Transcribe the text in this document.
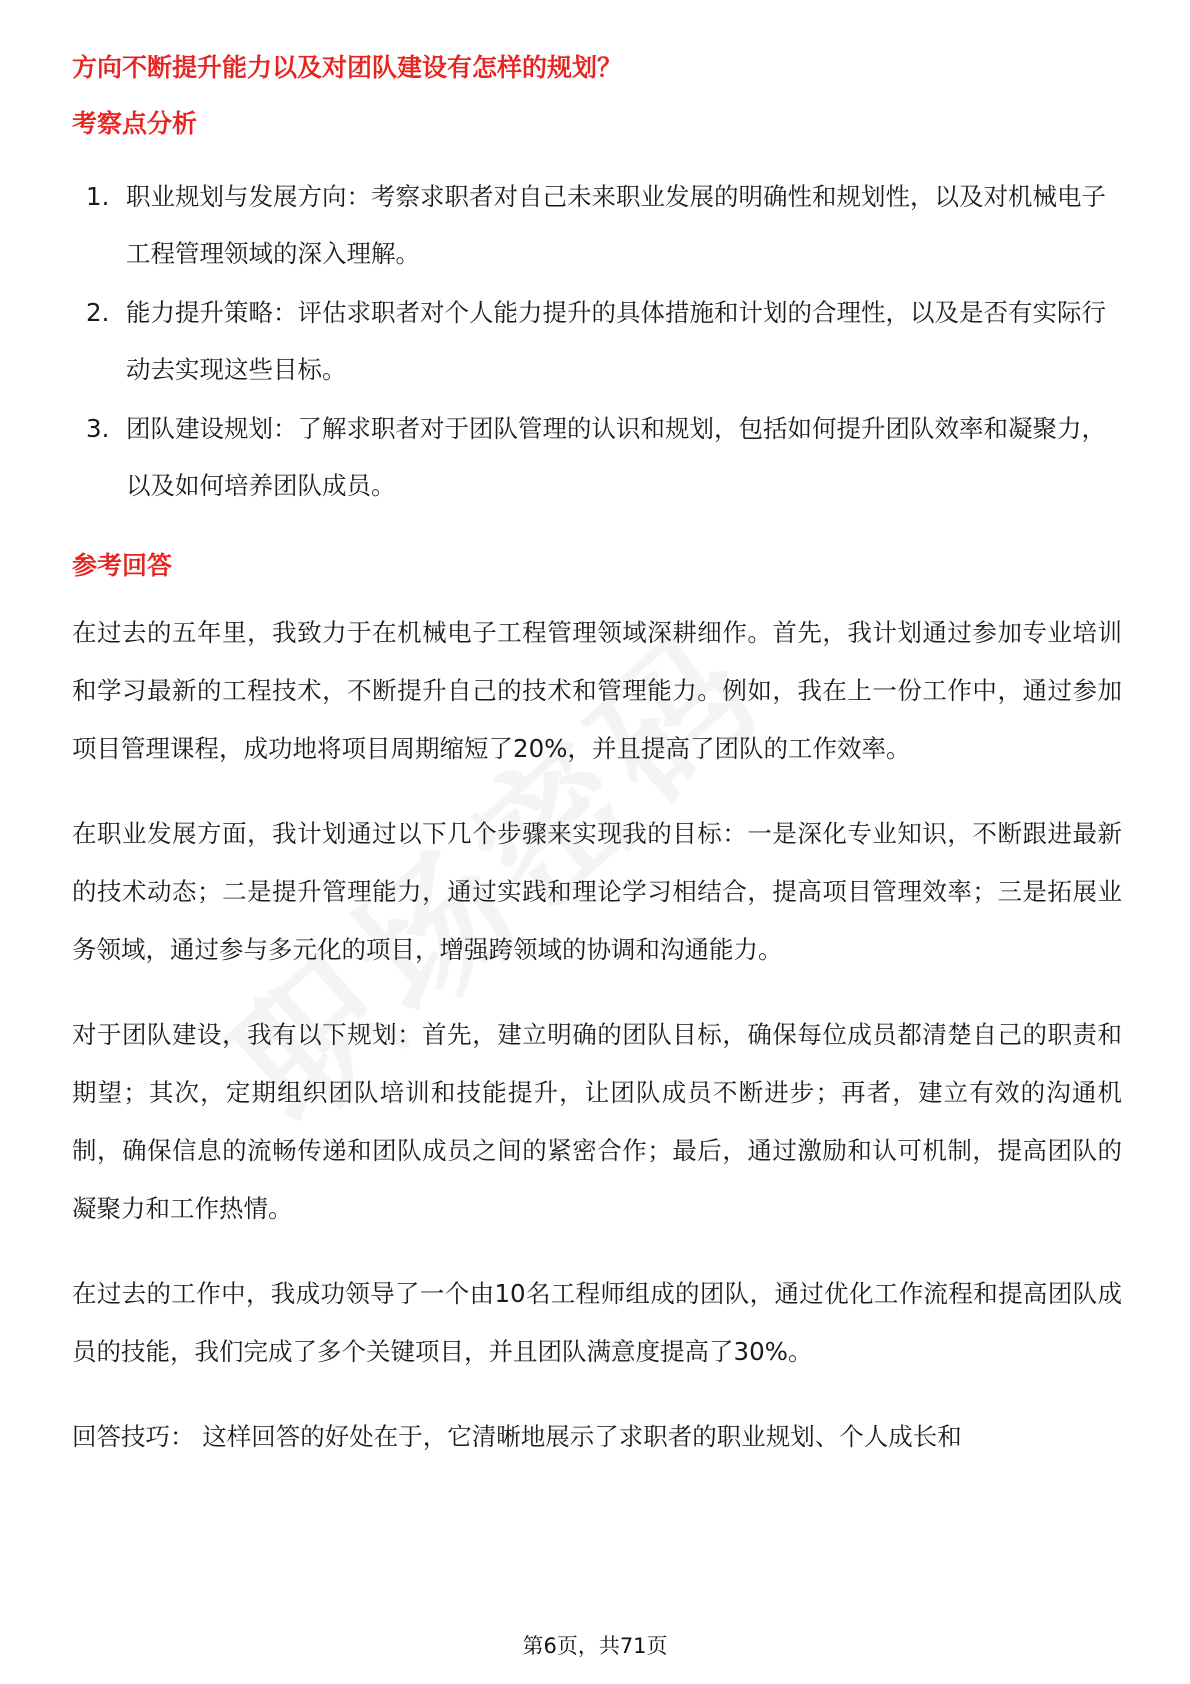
方向不断提升能力以及对团队建设有怎样的规划？

考察点分析

1. 职业规划与发展方向：考察求职者对自己未来职业发展的明确性和规划性，以及对机械电子工程管理领域的深入理解。
2. 能力提升策略：评估求职者对个人能力提升的具体措施和计划的合理性，以及是否有实际行动去实现这些目标。
3. 团队建设规划：了解求职者对于团队管理的认识和规划，包括如何提升团队效率和凝聚力，以及如何培养团队成员。

参考回答

在过去的五年里，我致力于在机械电子工程管理领域深耕细作。首先，我计划通过参加专业培训和学习最新的工程技术，不断提升自己的技术和管理能力。例如，我在上一份工作中，通过参加项目管理课程，成功地将项目周期缩短了20%，并且提高了团队的工作效率。

在职业发展方面，我计划通过以下几个步骤来实现我的目标：一是深化专业知识，不断跟进最新的技术动态；二是提升管理能力，通过实践和理论学习相结合，提高项目管理效率；三是拓展业务领域，通过参与多元化的项目，增强跨领域的协调和沟通能力。

对于团队建设，我有以下规划：首先，建立明确的团队目标，确保每位成员都清楚自己的职责和期望；其次，定期组织团队培训和技能提升，让团队成员不断进步；再者，建立有效的沟通机制，确保信息的流畅传递和团队成员之间的紧密合作；最后，通过激励和认可机制，提高团队的凝聚力和工作热情。

在过去的工作中，我成功领导了一个由10名工程师组成的团队，通过优化工作流程和提高团队成员的技能，我们完成了多个关键项目，并且团队满意度提高了30%。

回答技巧： 这样回答的好处在于，它清晰地展示了求职者的职业规划、个人成长和

第6页，共71页
